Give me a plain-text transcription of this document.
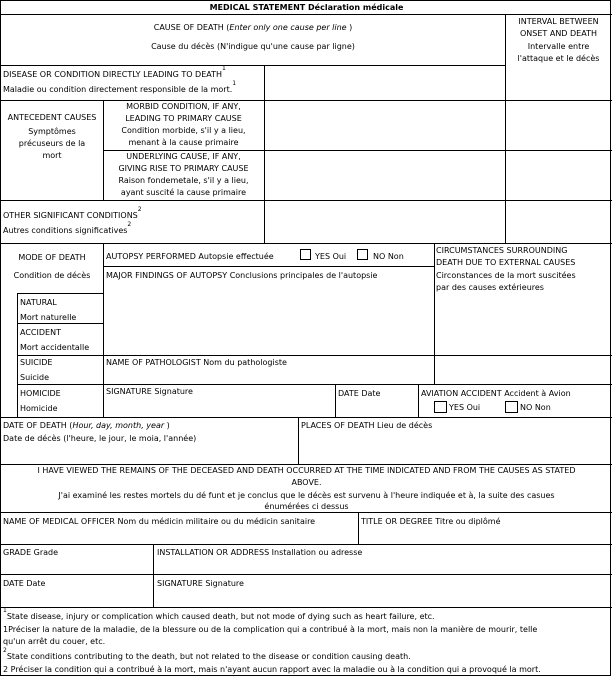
MEDICAL STATEMENT Déclaration médicale
CAUSE OF DEATH (Enter only one cause per line )
Cause du décès (N'indigue qu'une cause par ligne)
INTERVAL BETWEEN
ONSET AND DEATH
Intervalle entre
l'attaque et le décès
DISEASE OR CONDITION DIRECTLY LEADING TO DEATH$^1$
Maladie ou condition directement responsible de la mort.$^1$
ANTECEDENT CAUSES
Symptômes
précuseurs de la
mort
MORBID CONDITION, IF ANY,
LEADING TO PRIMARY CAUSE
Condition morbide, s'il y a lieu,
menant à la cause primaire
UNDERLYING CAUSE, IF ANY,
GIVING RISE TO PRIMARY CAUSE
Raison fondemetale, s'il y a lieu,
ayant suscité la cause primaire
OTHER SIGNIFICANT CONDITIONS$^2$
Autres conditions significatives$^2$
MODE OF DEATH
Condition de décès
NATURAL
Mort naturelle
ACCIDENT
Mort accidentalle
SUICIDE
Suicide
HOMICIDE
Homicide
AUTOPSY PERFORMED Autopsie effectuée	YES Oui	NO Non
MAJOR FINDINGS OF AUTOPSY Conclusions principales de l'autopsie
CIRCUMSTANCES SURROUNDING
DEATH DUE TO EXTERNAL CAUSES
Circonstances de la mort suscitées
par des causes extérieures
NAME OF PATHOLOGIST Nom du pathologiste
SIGNATURE Signature	DATE Date	AVIATION ACCIDENT Accident à Avion
YES Oui	NO Non
DATE OF DEATH (Hour, day, month, year )
Date de décès (l'heure, le jour, le moia, l'année)
PLACES OF DEATH Lieu de décès
I HAVE VIEWED THE REMAINS OF THE DECEASED AND DEATH OCCURRED AT THE TIME INDICATED AND FROM THE CAUSES AS STATED
ABOVE.
J'ai examiné les restes mortels du dé funt et je conclus que le décès est survenu à l'heure indiquée et à, la suite des casues
énumérées ci dessus
NAME OF MEDICAL OFFICER Nom du médicin militaire ou du médicin sanitaire	TITLE OR DEGREE Titre ou diplômé
GRADE Grade	INSTALLATION OR ADDRESS Installation ou adresse
DATE Date	SIGNATURE Signature
$^1$State disease, injury or complication which caused death, but not mode of dying such as heart failure, etc.
1Préciser la nature de la maladie, de la blessure ou de la complication qui a contribué à la mort, mais non la manière de mourir, telle
qu'un arrêt du couer, etc.
$^2$State conditions contributing to the death, but not related to the disease or condition causing death.
2 Préciser la condition qui a contribué à la mort, mais n'ayant aucun rapport avec la maladie ou à la condition qui a provoqué la mort.
